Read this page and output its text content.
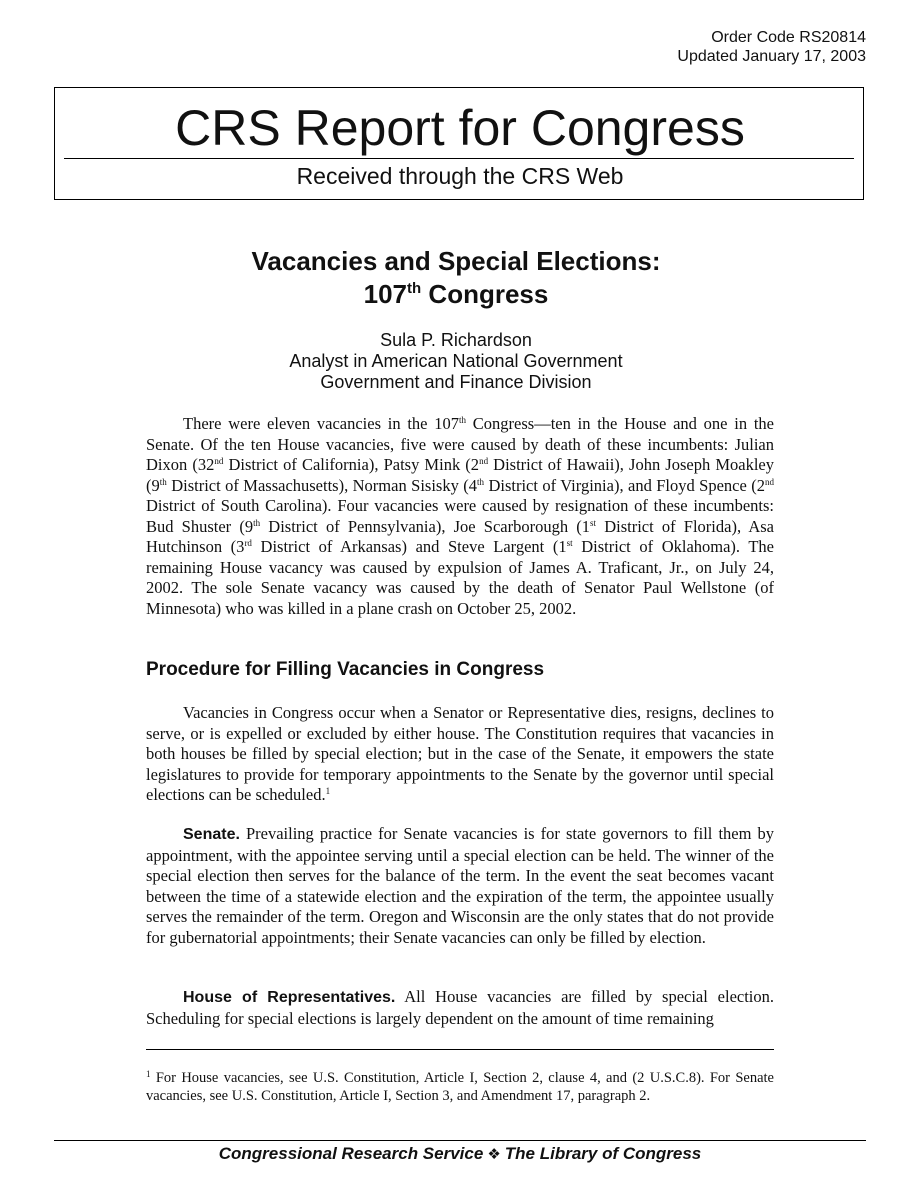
Order Code RS20814
Updated January 17, 2003
CRS Report for Congress
Received through the CRS Web
Vacancies and Special Elections:
107th Congress
Sula P. Richardson
Analyst in American National Government
Government and Finance Division

There were eleven vacancies in the 107th Congress—ten in the House and one in the Senate. Of the ten House vacancies, five were caused by death of these incumbents: Julian Dixon (32nd District of California), Patsy Mink (2nd District of Hawaii), John Joseph Moakley (9th District of Massachusetts), Norman Sisisky (4th District of Virginia), and Floyd Spence (2nd District of South Carolina). Four vacancies were caused by resignation of these incumbents: Bud Shuster (9th District of Pennsylvania), Joe Scarborough (1st District of Florida), Asa Hutchinson (3rd District of Arkansas) and Steve Largent (1st District of Oklahoma). The remaining House vacancy was caused by expulsion of James A. Traficant, Jr., on July 24, 2002. The sole Senate vacancy was caused by the death of Senator Paul Wellstone (of Minnesota) who was killed in a plane crash on October 25, 2002.

Procedure for Filling Vacancies in Congress

Vacancies in Congress occur when a Senator or Representative dies, resigns, declines to serve, or is expelled or excluded by either house. The Constitution requires that vacancies in both houses be filled by special election; but in the case of the Senate, it empowers the state legislatures to provide for temporary appointments to the Senate by the governor until special elections can be scheduled.$^1$

Senate. Prevailing practice for Senate vacancies is for state governors to fill them by appointment, with the appointee serving until a special election can be held. The winner of the special election then serves for the balance of the term. In the event the seat becomes vacant between the time of a statewide election and the expiration of the term, the appointee usually serves the remainder of the term. Oregon and Wisconsin are the only states that do not provide for gubernatorial appointments; their Senate vacancies can only be filled by election.

House of Representatives. All House vacancies are filled by special election. Scheduling for special elections is largely dependent on the amount of time remaining

$^1$ For House vacancies, see U.S. Constitution, Article I, Section 2, clause 4, and (2 U.S.C.8). For Senate vacancies, see U.S. Constitution, Article I, Section 3, and Amendment 17, paragraph 2.

Congressional Research Service ❖ The Library of Congress
